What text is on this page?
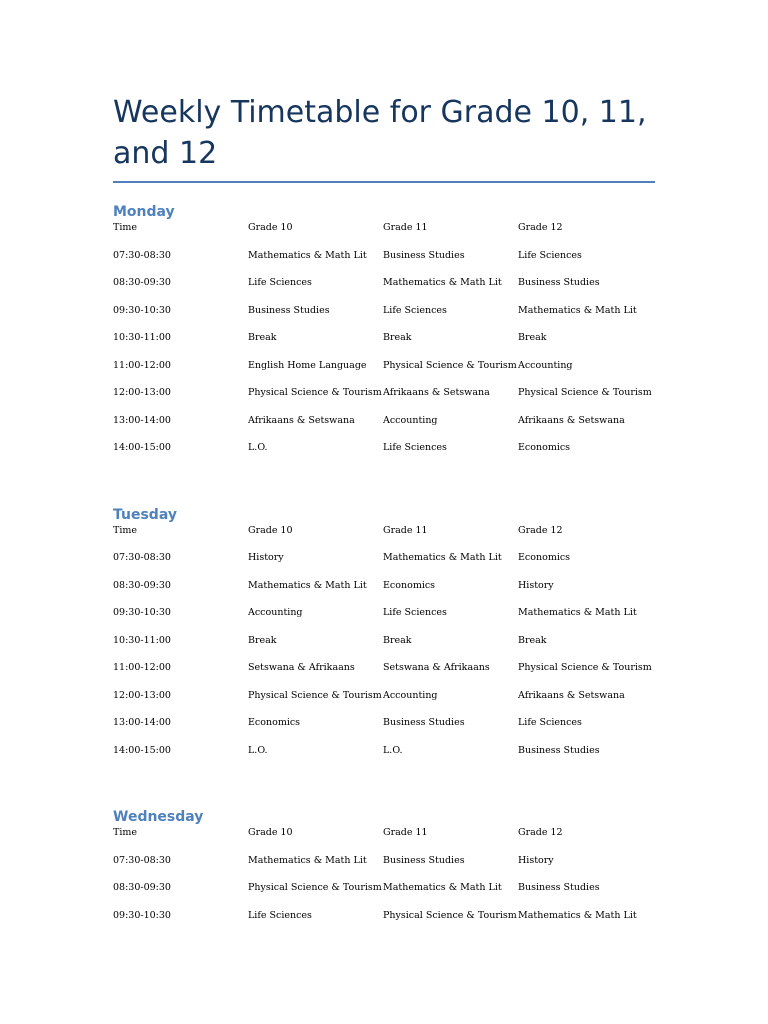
Weekly Timetable for Grade 10, 11, and 12
Monday
Time	Grade 10	Grade 11	Grade 12
07:30-08:30	Mathematics & Math Lit	Business Studies	Life Sciences
08:30-09:30	Life Sciences	Mathematics & Math Lit	Business Studies
09:30-10:30	Business Studies	Life Sciences	Mathematics & Math Lit
10:30-11:00	Break	Break	Break
11:00-12:00	English Home Language	Physical Science & Tourism	Accounting
12:00-13:00	Physical Science & Tourism	Afrikaans & Setswana	Physical Science & Tourism
13:00-14:00	Afrikaans & Setswana	Accounting	Afrikaans & Setswana
14:00-15:00	L.O.	Life Sciences	Economics
Tuesday
Time	Grade 10	Grade 11	Grade 12
07:30-08:30	History	Mathematics & Math Lit	Economics
08:30-09:30	Mathematics & Math Lit	Economics	History
09:30-10:30	Accounting	Life Sciences	Mathematics & Math Lit
10:30-11:00	Break	Break	Break
11:00-12:00	Setswana & Afrikaans	Setswana & Afrikaans	Physical Science & Tourism
12:00-13:00	Physical Science & Tourism	Accounting	Afrikaans & Setswana
13:00-14:00	Economics	Business Studies	Life Sciences
14:00-15:00	L.O.	L.O.	Business Studies
Wednesday
Time	Grade 10	Grade 11	Grade 12
07:30-08:30	Mathematics & Math Lit	Business Studies	History
08:30-09:30	Physical Science & Tourism	Mathematics & Math Lit	Business Studies
09:30-10:30	Life Sciences	Physical Science & Tourism	Mathematics & Math Lit
